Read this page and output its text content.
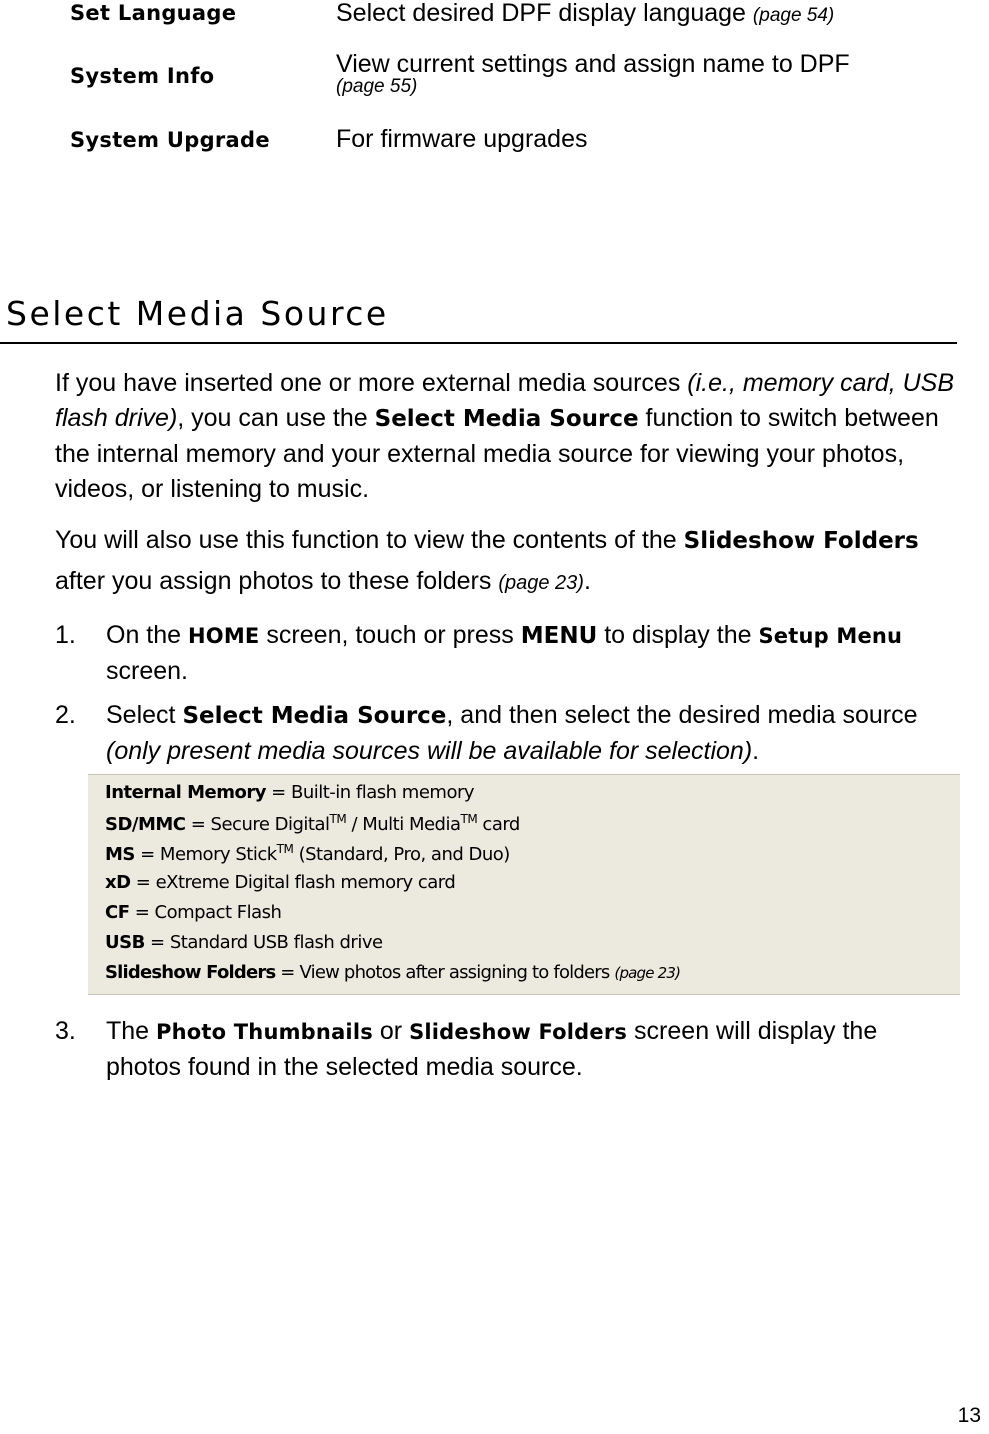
Set Language	Select desired DPF display language (page 54)
System Info	View current settings and assign name to DPF
$^{(page 55)}$
System Upgrade	For firmware upgrades
Select Media Source

If you have inserted one or more external media sources (i.e., memory card, USB flash drive), you can use the Select Media Source function to switch between the internal memory and your external media source for viewing your photos, videos, or listening to music.

You will also use this function to view the contents of the Slideshow Folders after you assign photos to these folders (page 23).

1. On the HOME screen, touch or press MENU to display the Setup Menu screen.
2. Select Select Media Source, and then select the desired media source (only present media sources will be available for selection).
Internal Memory = Built-in flash memory
SD/MMC = Secure Digital™ / Multi Media™ card
MS = Memory Stick™ (Standard, Pro, and Duo)
xD = eXtreme Digital flash memory card
CF = Compact Flash
USB = Standard USB flash drive
Slideshow Folders = View photos after assigning to folders (page 23)
3. The Photo Thumbnails or Slideshow Folders screen will display the photos found in the selected media source.
13
